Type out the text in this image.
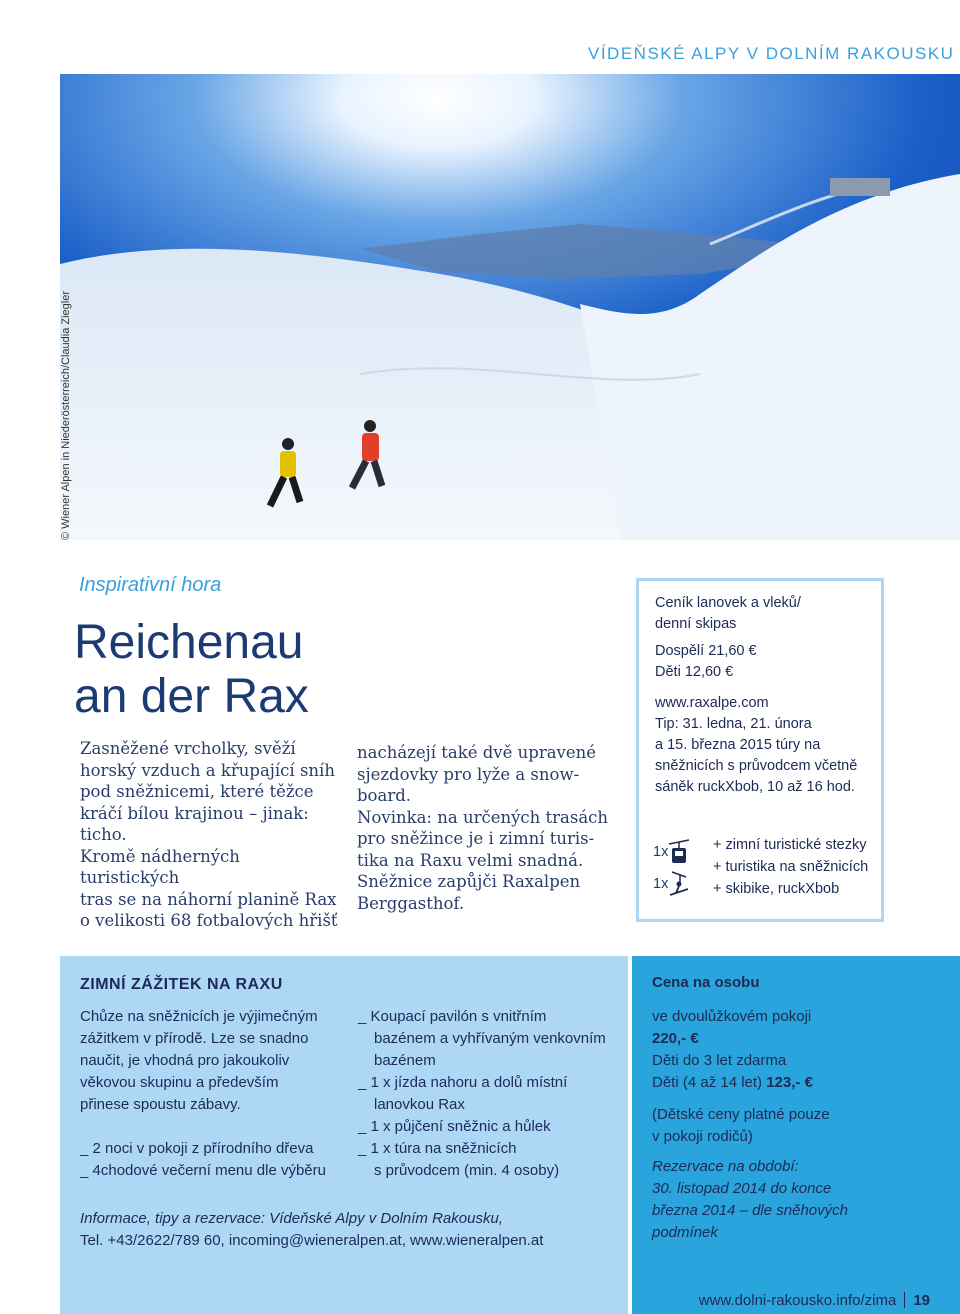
VÍDEŇSKÉ ALPY V DOLNÍM RAKOUSKU
© Wiener Alpen in Niederösterreich/Claudia Ziegler
Inspirativní hora
Reichenau
an der Rax
Zasněžené vrcholky, svěží
horský vzduch a křupající sníh
pod sněžnicemi, které těžce
kráčí bílou krajinou – jinak:
ticho.
Kromě nádherných turistických
tras se na náhorní planině Rax
o velikosti 68 fotbalových hřišť
nacházejí také dvě upravené
sjezdovky pro lyže a snow-
board.
Novinka: na určených trasách
pro sněžince je i zimní turis-
tika na Raxu velmi snadná.
Sněžnice zapůjči Raxalpen
Berggasthof.

Ceník lanovek a vleků/
denní skipas

Dospělí 21,60 €

Děti 12,60 €

www.raxalpe.com

Tip: 31. ledna, 21. února
a 15. března 2015 túry na
sněžnicích s průvodcem včetně
sáněk ruckXbob, 10 až 16 hod.

1x
1x
+ zimní turistické stezky
+ turistika na sněžnicích
+ skibike, ruckXbob
ZIMNÍ ZÁŽITEK NA RAXU
Chůze na sněžnicích je výjimečným
zážitkem v přírodě. Lze se snadno
naučit, je vhodná pro jakoukoliv
věkovou skupinu a především
přinese spoustu zábavy.
_ 2 noci v pokoji z přírodního dřeva
_ 4chodové večerní menu dle výběru
_ Koupací pavilón s vnitřním
bazénem a vyhřívaným venkovním
bazénem
_ 1 x jízda nahoru a dolů místní
lanovkou Rax
_ 1 x půjčení sněžnic a hůlek
_ 1 x túra na sněžnicích
s průvodcem (min. 4 osoby)
Informace, tipy a rezervace: Vídeňské Alpy v Dolním Rakousku,
Tel. +43/2622/789 60, incoming@wieneralpen.at, www.wieneralpen.at
Cena na osobu

ve dvoulůžkovém pokoji

220,- €

Děti do 3 let zdarma

Děti (4 až 14 let) 123,- €

(Dětské ceny platné pouze

v pokoji rodičů)

Rezervace na období:

30. listopad 2014 do konce

března 2014 – dle sněhových

podmínek

www.dolni-rakousko.info/zima 19
